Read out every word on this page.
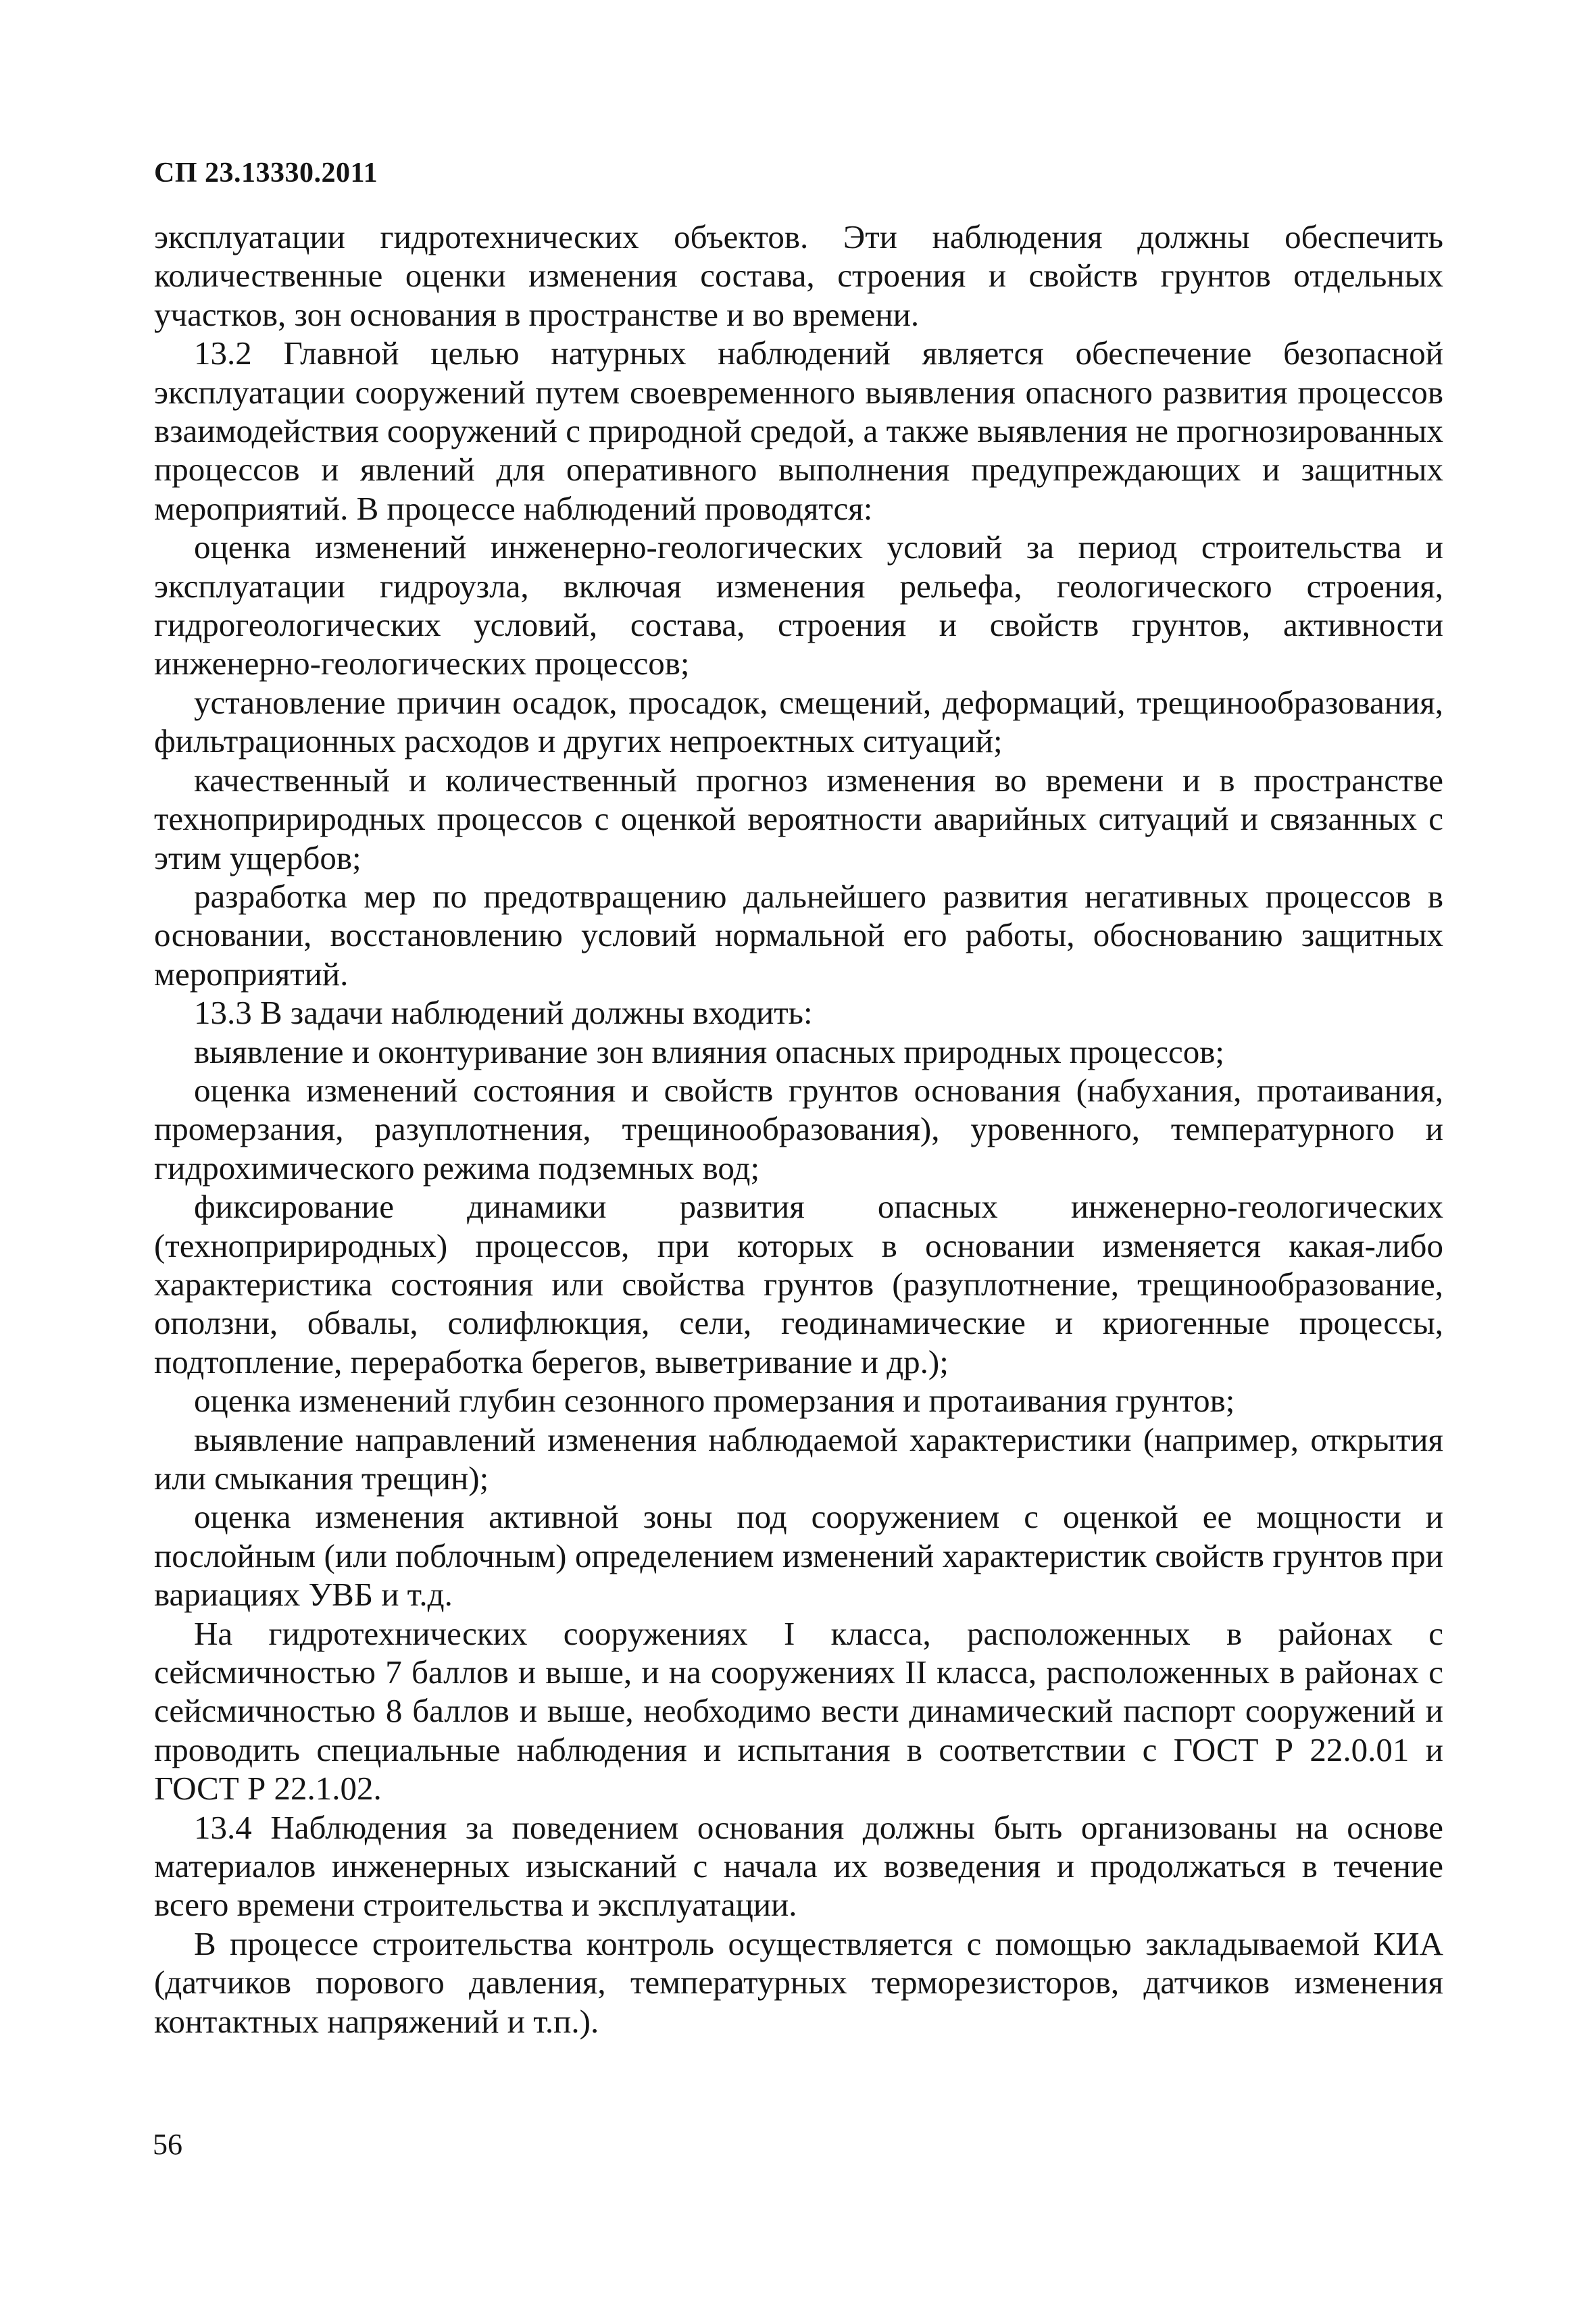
СП 23.13330.2011

эксплуатации гидротехнических объектов. Эти наблюдения должны обеспечить количественные оценки изменения состава, строения и свойств грунтов отдельных участков, зон основания в пространстве и во времени.

13.2 Главной целью натурных наблюдений является обеспечение безопасной эксплуатации сооружений путем своевременного выявления опасного развития процессов взаимодействия сооружений с природной средой, а также выявления не прогнозированных процессов и явлений для оперативного выполнения предупреждающих и защитных мероприятий. В процессе наблюдений проводятся:

оценка изменений инженерно-геологических условий за период строительства и эксплуатации гидроузла, включая изменения рельефа, геологического строения, гидрогеологических условий, состава, строения и свойств грунтов, активности инженерно-геологических процессов;

установление причин осадок, просадок, смещений, деформаций, трещинообразования, фильтрационных расходов и других непроектных ситуаций;

качественный и количественный прогноз изменения во времени и в пространстве технопририродных процессов с оценкой вероятности аварийных ситуаций и связанных с этим ущербов;

разработка мер по предотвращению дальнейшего развития негативных процессов в основании, восстановлению условий нормальной его работы, обоснованию защитных мероприятий.

13.3 В задачи наблюдений должны входить:

выявление и оконтуривание зон влияния опасных природных процессов;

оценка изменений состояния и свойств грунтов основания (набухания, протаивания, промерзания, разуплотнения, трещинообразования), уровенного, температурного и гидрохимического режима подземных вод;

фиксирование динамики развития опасных инженерно-геологических (технопририродных) процессов, при которых в основании изменяется какая-либо характеристика состояния или свойства грунтов (разуплотнение, трещинообразование, оползни, обвалы, солифлюкция, сели, геодинамические и криогенные процессы, подтопление, переработка берегов, выветривание и др.);

оценка изменений глубин сезонного промерзания и протаивания грунтов;

выявление направлений изменения наблюдаемой характеристики (например, открытия или смыкания трещин);

оценка изменения активной зоны под сооружением с оценкой ее мощности и послойным (или поблочным) определением изменений характеристик свойств грунтов при вариациях УВБ и т.д.

На гидротехнических сооружениях I класса, расположенных в районах с сейсмичностью 7 баллов и выше, и на сооружениях II класса, расположенных в районах с сейсмичностью 8 баллов и выше, необходимо вести динамический паспорт сооружений и проводить специальные наблюдения и испытания в соответствии с ГОСТ Р 22.0.01 и ГОСТ Р 22.1.02.

13.4 Наблюдения за поведением основания должны быть организованы на основе материалов инженерных изысканий с начала их возведения и продолжаться в течение всего времени строительства и эксплуатации.

В процессе строительства контроль осуществляется с помощью закладываемой КИА (датчиков порового давления, температурных терморезисторов, датчиков изменения контактных напряжений и т.п.).

56
